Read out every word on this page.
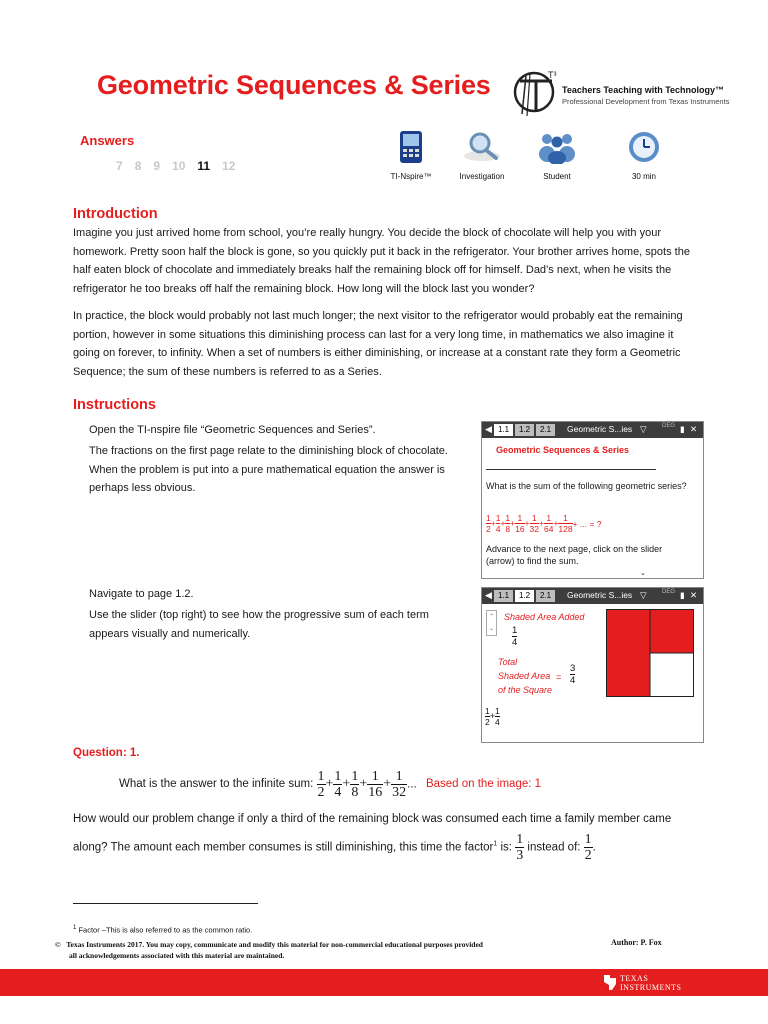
Geometric Sequences & Series	T³
Teachers Teaching with Technology™
Professional Development from Texas Instruments
Answers
7 8 9 10 11 12
TI-Nspire™	Investigation	Student	30 min
Introduction
Imagine you just arrived home from school, you’re really hungry. You decide the block of chocolate will help you with your homework. Pretty soon half the block is gone, so you quickly put it back in the refrigerator. Your brother arrives home, spots the half eaten block of chocolate and immediately breaks half the remaining block off for himself. Dad’s next, when he visits the refrigerator he too breaks off half the remaining block. How long will the block last you wonder?
In practice, the block would probably not last much longer; the next visitor to the refrigerator would probably eat the remaining portion, however in some situations this diminishing process can last for a very long time, in mathematics we also imagine it going on forever, to infinity. When a set of numbers is either diminishing, or increase at a constant rate they form a Geometric Sequence; the sum of these numbers is referred to as a Series.
Instructions
Open the TI-nspire file “Geometric Sequences and Series”.
The fractions on the first page relate to the diminishing block of chocolate. When the problem is put into a pure mathematical equation the answer is perhaps less obvious.
Navigate to page 1.2.
Use the slider (top right) to see how the progressive sum of each term appears visually and numerically.
◀ 1.1	1.2	2.1	Geometric S...ies ▽	DEG ▮ ✕
Geometric Sequences & Series
What is the sum of the following geometric series?
$\frac{1}{2} + \frac{1}{4} + \frac{1}{8} + \frac{1}{16} + \frac{1}{32} + \frac{1}{64} + \frac{1}{128}$ + ... = ?
Advance to the next page, click on the slider (arrow) to find the sum.
⌄
◀ 1.1	1.2	2.1	Geometric S...ies ▽	DEG ▮ ✕
⌃
⌄
Shaded Area Added
$\frac{1}{4}$
Total
Shaded Area
of the Square
= $\frac{3}{4}$
$\frac{1}{2} + \frac{1}{4}$
Question: 1.
What is the answer to the infinite sum: $\frac{1}{2} + \frac{1}{4} + \frac{1}{8} + \frac{1}{16} + \frac{1}{32}$ ... Based on the image: 1
How would our problem change if only a third of the remaining block was consumed each time a family member came
along? The amount each member consumes is still diminishing, this time the factor$^1$ is: $\frac{1}{3}$ instead of: $\frac{1}{2}$ .
$^1$ Factor –This is also referred to as the common ratio.
© Texas Instruments 2017. You may copy, communicate and modify this material for non-commercial educational purposes provided
all acknowledgements associated with this material are maintained.
Author: P. Fox
TEXAS
INSTRUMENTS
